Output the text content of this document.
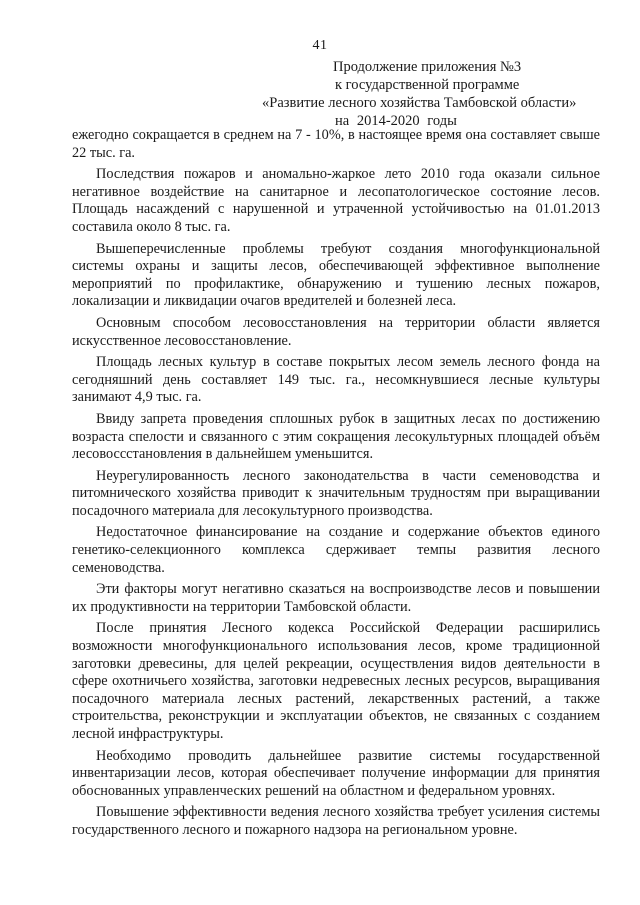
41
Продолжение приложения №3
к государственной программе
«Развитие лесного хозяйства Тамбовской области»
на 2014-2020 годы

ежегодно сокращается в среднем на 7 - 10%, в настоящее время она составляет свыше 22 тыс. га.

Последствия пожаров и аномально-жаркое лето 2010 года оказали сильное негативное воздействие на санитарное и лесопатологическое состояние лесов. Площадь насаждений с нарушенной и утраченной устойчивостью на 01.01.2013 составила около 8 тыс. га.

Вышеперечисленные проблемы требуют создания многофункциональной системы охраны и защиты лесов, обеспечивающей эффективное выполнение мероприятий по профилактике, обнаружению и тушению лесных пожаров, локализации и ликвидации очагов вредителей и болезней леса.

Основным способом лесовосстановления на территории области является искусственное лесовосстановление.

Площадь лесных культур в составе покрытых лесом земель лесного фонда на сегодняшний день составляет 149 тыс. га., несомкнувшиеся лесные культуры занимают 4,9 тыс. га.

Ввиду запрета проведения сплошных рубок в защитных лесах по достижению возраста спелости и связанного с этим сокращения лесокультурных площадей объём лесовосcстановления в дальнейшем уменьшится.

Неурегулированность лесного законодательства в части семеноводства и питомнического хозяйства приводит к значительным трудностям при выращивании посадочного материала для лесокультурного производства.

Недостаточное финансирование на создание и содержание объектов единого генетико-селекционного комплекса сдерживает темпы развития лесного семеноводства.

Эти факторы могут негативно сказаться на воспроизводстве лесов и повышении их продуктивности на территории Тамбовской области.

После принятия Лесного кодекса Российской Федерации расширились возможности многофункционального использования лесов, кроме традиционной заготовки древесины, для целей рекреации, осуществления видов деятельности в сфере охотничьего хозяйства, заготовки недревесных лесных ресурсов, выращивания посадочного материала лесных растений, лекарственных растений, а также строительства, реконструкции и эксплуатации объектов, не связанных с созданием лесной инфраструктуры.

Необходимо проводить дальнейшее развитие системы государственной инвентаризации лесов, которая обеспечивает получение информации для принятия обоснованных управленческих решений на областном и федеральном уровнях.

Повышение эффективности ведения лесного хозяйства требует усиления системы государственного лесного и пожарного надзора на региональном уровне.
